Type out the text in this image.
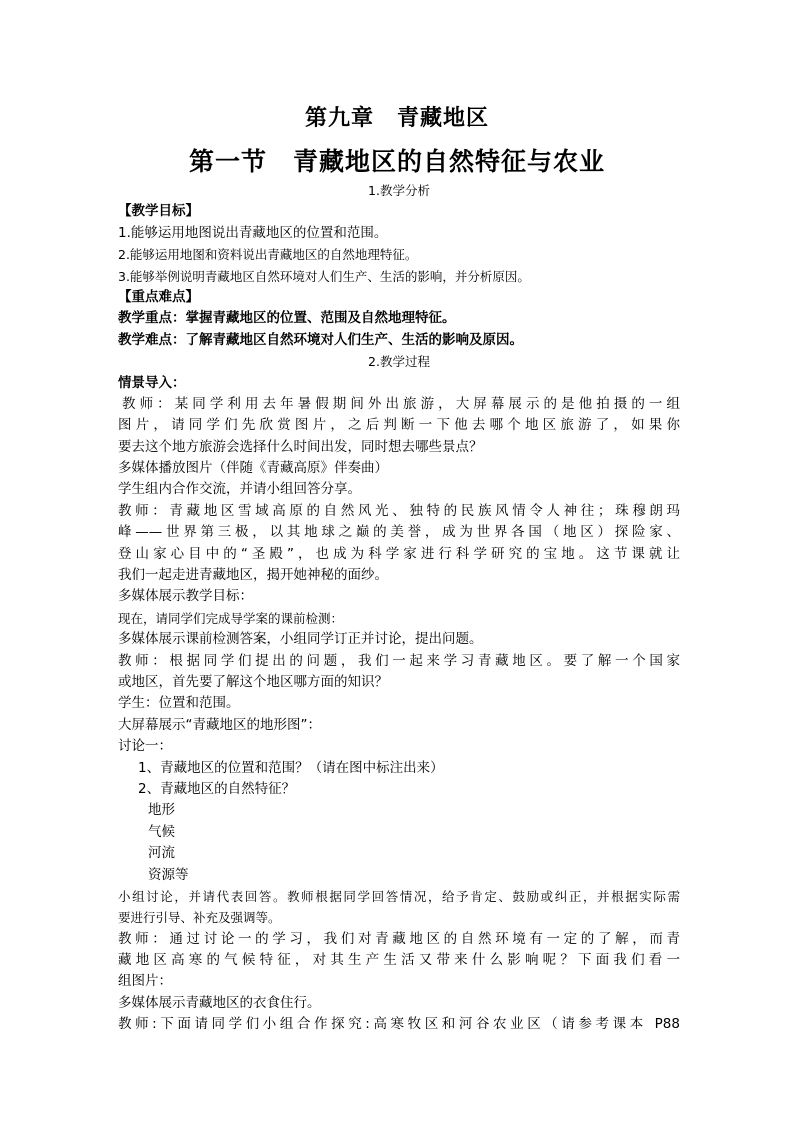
第九章　青藏地区
第一节　青藏地区的自然特征与农业
1.教学分析
【教学目标】
1.能够运用地图说出青藏地区的位置和范围。
2.能够运用地图和资料说出青藏地区的自然地理特征。
3.能够举例说明青藏地区自然环境对人们生产、生活的影响，并分析原因。
【重点难点】
教学重点：掌握青藏地区的位置、范围及自然地理特征。
教学难点：了解青藏地区自然环境对人们生产、生活的影响及原因。
2.教学过程
情景导入：
教师：某同学利用去年暑假期间外出旅游，大屏幕展示的是他拍摄的一组
图片，请同学们先欣赏图片，之后判断一下他去哪个地区旅游了，如果你
要去这个地方旅游会选择什么时间出发，同时想去哪些景点？
多媒体播放图片（伴随《青藏高原》伴奏曲）
学生组内合作交流，并请小组回答分享。
教师：青藏地区雪域高原的自然风光、独特的民族风情令人神往；珠穆朗玛
峰——世界第三极，以其地球之巅的美誉，成为世界各国（地区）探险家、
登山家心目中的“圣殿”，也成为科学家进行科学研究的宝地。这节课就让
我们一起走进青藏地区，揭开她神秘的面纱。
多媒体展示教学目标：
现在，请同学们完成导学案的课前检测：
多媒体展示课前检测答案，小组同学订正并讨论，提出问题。
教师：根据同学们提出的问题，我们一起来学习青藏地区。要了解一个国家
或地区，首先要了解这个地区哪方面的知识？
学生：位置和范围。
大屏幕展示“青藏地区的地形图”：
讨论一：
1、青藏地区的位置和范围？（请在图中标注出来）
2、青藏地区的自然特征？
地形
气候
河流
资源等
小组讨论，并请代表回答。教师根据同学回答情况，给予肯定、鼓励或纠正，并根据实际需
要进行引导、补充及强调等。
教师：通过讨论一的学习，我们对青藏地区的自然环境有一定的了解，而青
藏地区高寒的气候特征，对其生产生活又带来什么影响呢？下面我们看一
组图片：
多媒体展示青藏地区的衣食住行。
教师:下面请同学们小组合作探究:高寒牧区和河谷农业区（请参考课本 P88
